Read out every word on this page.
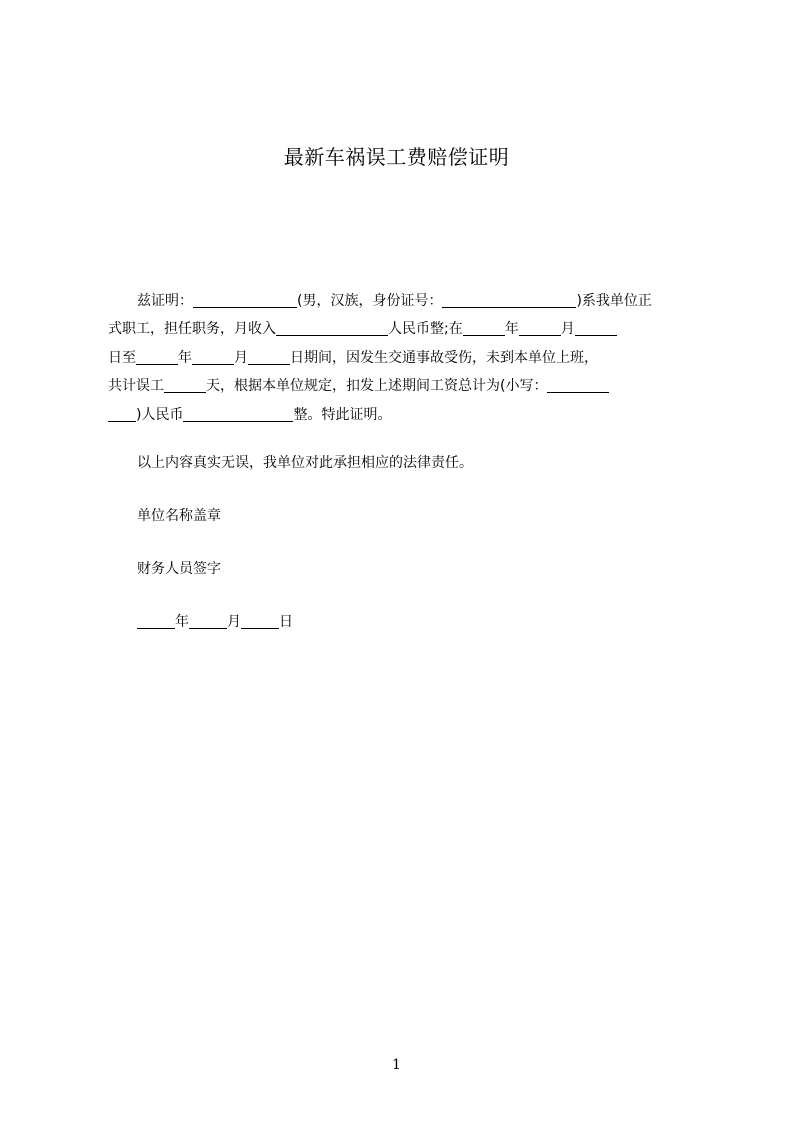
最新车祸误工费赔偿证明
兹证明：	(男，汉族，身份证号：	)系我单位正
式职工，担任职务，月收入	人民币整;在	年	月
日至	年	月	日期间，因发生交通事故受伤，未到本单位上班，
共计误工	天，根据本单位规定，扣发上述期间工资总计为(小写：
)人民币	整。特此证明。
以上内容真实无误，我单位对此承担相应的法律责任。
单位名称盖章
财务人员签字
年	月	日
1
